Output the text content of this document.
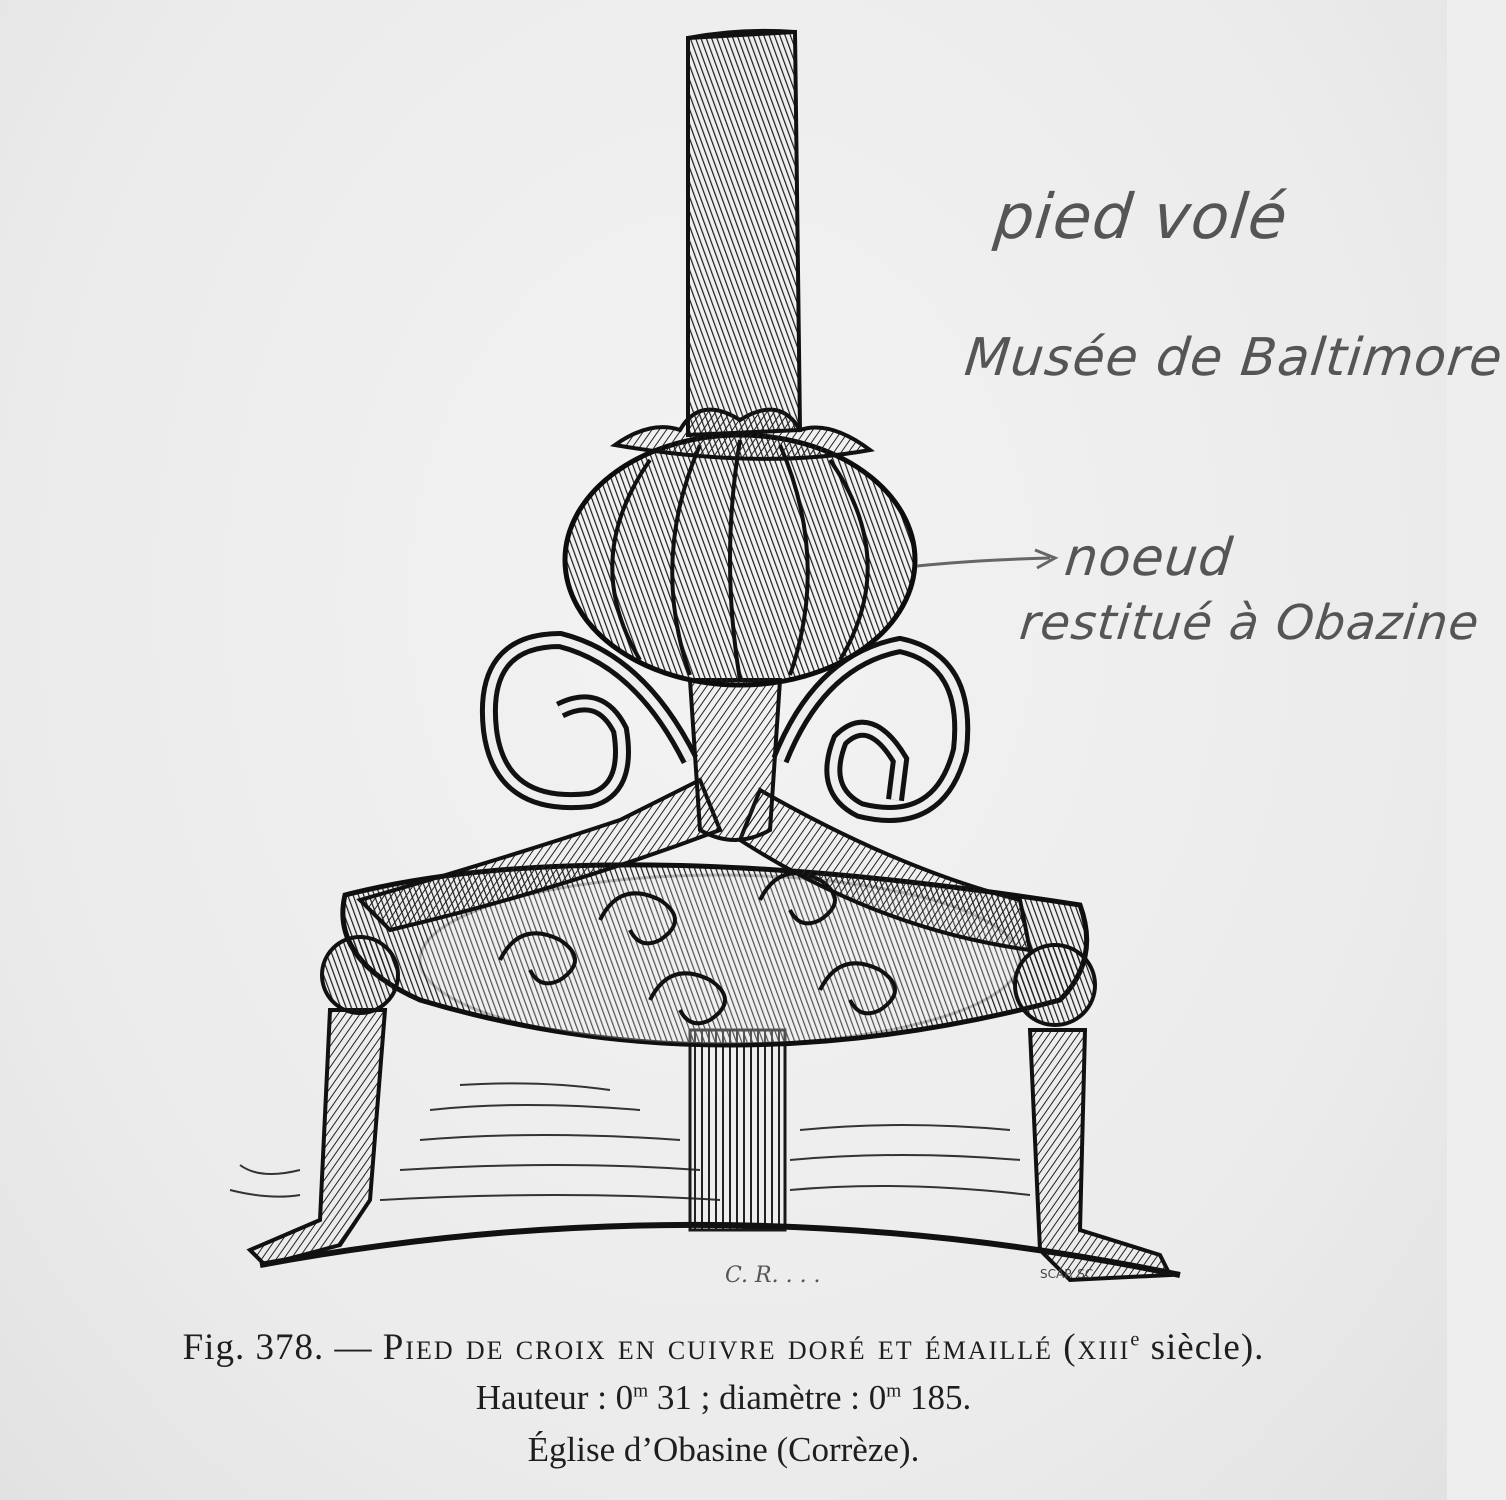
C. R. . . .	SCAP. SC
pied volé
Musée de Baltimore
noeud
restitué à Obazine
Fig. 378. — Pied de croix en cuivre doré et émaillé (xiii$^e$ siècle).
Hauteur : 0$^m$ 31 ; diamètre : 0$^m$ 185.
Église d’Obasine (Corrèze).
